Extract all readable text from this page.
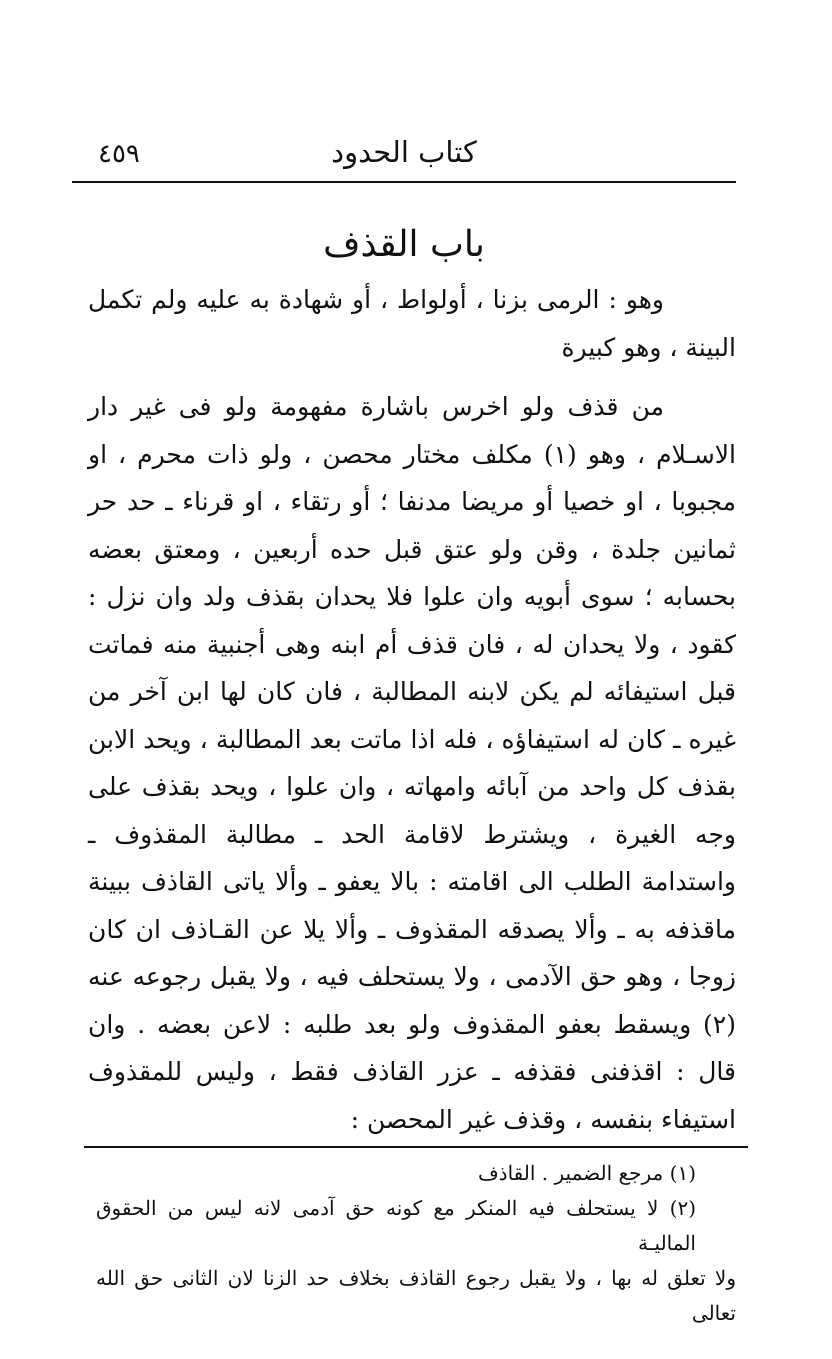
كتاب الحدود
٤٥٩
باب القذف

وهو : الرمى بزنا ، أولواط ، أو شهادة به عليه ولم تكمل البينة ، وهو كبيرة

من قذف ولو اخرس باشارة مفهومة ولو فى غير دار الاسـلام ، وهو (١) مكلف مختار محصن ، ولو ذات محرم ، او مجبوبا ، او خصيا أو مريضا مدنفا ؛ أو رتقاء ، او قرناء ـ حد حر ثمانين جلدة ، وقن ولو عتق قبل حده أربعين ، ومعتق بعضه بحسابه ؛ سوى أبويه وان علوا فلا يحدان بقذف ولد وان نزل : كقود ، ولا يحدان له ، فان قذف أم ابنه وهى أجنبية منه فماتت قبل استيفائه لم يكن لابنه المطالبة ، فان كان لها ابن آخر من غيره ـ كان له استيفاؤه ، فله اذا ماتت بعد المطالبة ، ويحد الابن بقذف كل واحد من آبائه وامهاته ، وان علوا ، ويحد بقذف على وجه الغيرة ، ويشترط لاقامة الحد ـ مطالبة المقذوف ـ واستدامة الطلب الى اقامته : بالا يعفو ـ وألا ياتى القاذف ببينة ماقذفه به ـ وألا يصدقه المقذوف ـ وألا يلا عن القـاذف ان كان زوجا ، وهو حق الآدمى ، ولا يستحلف فيه ، ولا يقبل رجوعه عنه (٢) ويسقط بعفو المقذوف ولو بعد طلبه : لاعن بعضه . وان قال : اقذفنى فقذفه ـ عزر القاذف فقط ، وليس للمقذوف استيفاء بنفسه ، وقذف غير المحصن :

(١) مرجع الضمير . القاذف

(٢) لا يستحلف فيه المنكر مع كونه حق آدمى لانه ليس من الحقوق الماليـة

ولا تعلق له بها ، ولا يقبل رجوع القاذف بخلاف حد الزنا لان الثانى حق الله تعالى
